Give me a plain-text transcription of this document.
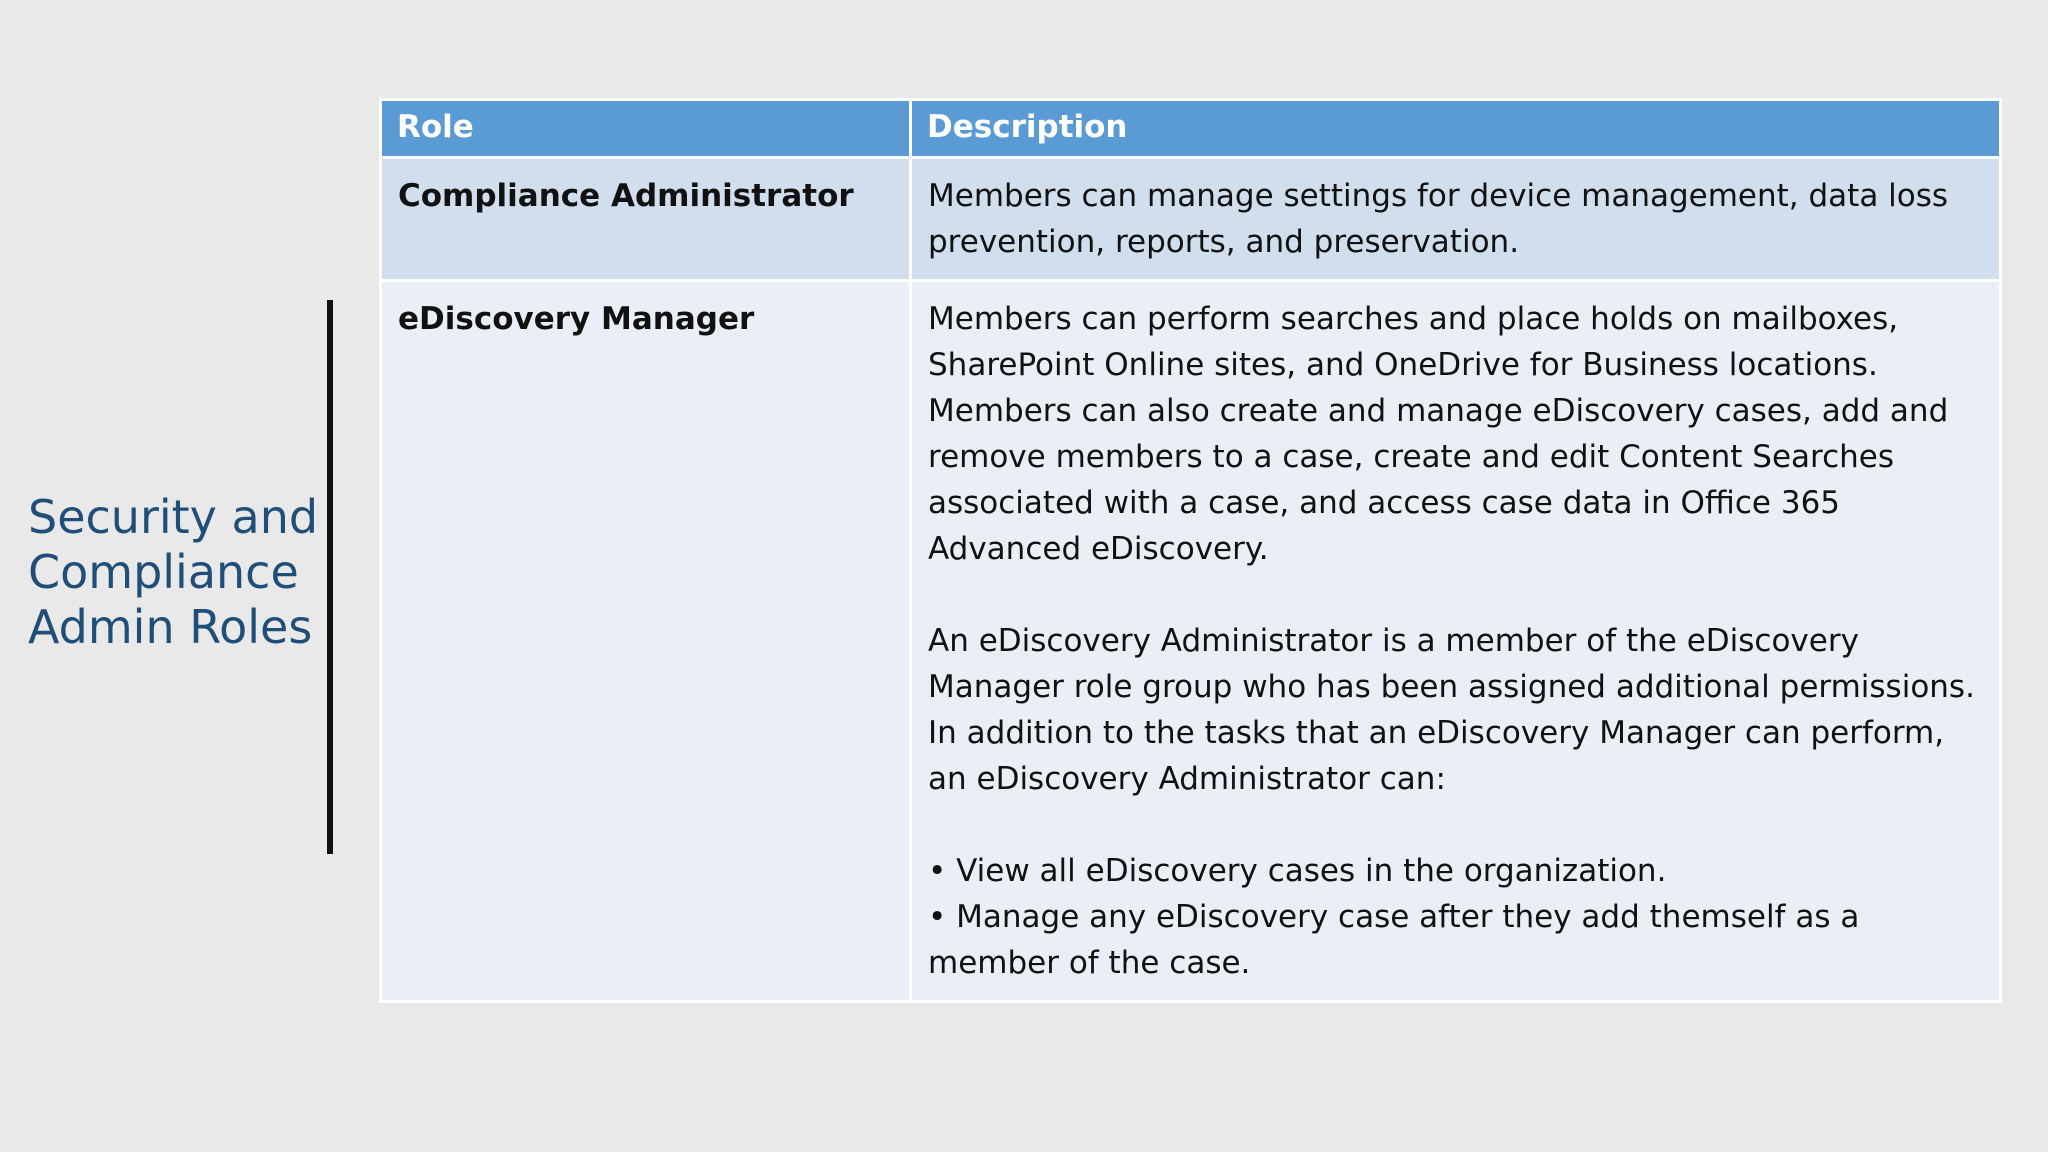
Security and
Compliance
Admin Roles
Role	Description
Compliance Administrator	Members can manage settings for device management, data loss prevention, reports, and preservation.

eDiscovery Manager	Members can perform searches and place holds on mailboxes, SharePoint Online sites, and OneDrive for Business locations. Members can also create and manage eDiscovery cases, add and remove members to a case, create and edit Content Searches associated with a case, and access case data in Office 365 Advanced eDiscovery.

An eDiscovery Administrator is a member of the eDiscovery Manager role group who has been assigned additional permissions. In addition to the tasks that an eDiscovery Manager can perform, an eDiscovery Administrator can:

• View all eDiscovery cases in the organization.

• Manage any eDiscovery case after they add themself as a member of the case.
